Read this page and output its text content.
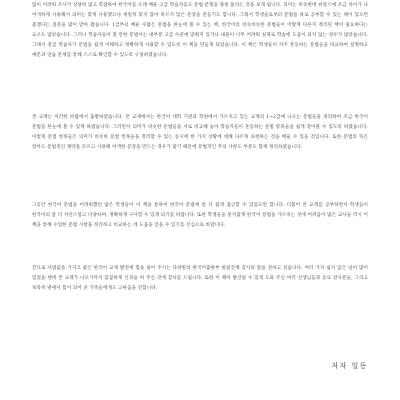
않이 어려워 조사가 상당히 많고 복잡하여 한국어를 오래 배운 고급 학습자들도 문법·문형을 종종 틀리는 것을 보게 됩니다. 의미는 비슷한데 뉘앙스에 조금 차이가 나 어색하게 사용해서 의미는 맞게 사용했으나 세밀히 맞지 않아 바르지 않은 문장을 만들기도 합니다. 그래서 학생들로부터 문법을 따로 공부할 수 있는 책이 있으면 좋겠다는 질문을 많이 받아 왔습니다. 1급부터 배운 수많은 문법을 한눈에 볼 수 있는 책, 한국어의 비슷비슷한 문법들이 어떻게 다른지 정리된 책이 필요하다는 요구도 많았습니다. 그러나 학습자들이 볼 만한 문법서는 대부분 고급 수준에 맞춰져 있거나 내용이 너무 어려워 실제로 학습에 도움이 되지 않는 경우가 많았습니다. 그래서 중급 학습자가 문법을 쉽게 이해하고 정확하게 사용할 수 있도록 이 책을 만들게 되었습니다. 이 책은 학생들이 자주 혼동하는 문법들을 비교하여 설명하고 예문과 연습 문제를 통해 스스로 확인할 수 있도록 구성하였습니다.

본 교재는 이러한 바람에서 출발하였습니다. 본 교재에서는 한국어 대학 기관과 학원에서 가르치고 있는 교재의 1~2급에 나오는 문법들을 정리하여 조금 한국어 문법을 한눈에 볼 수 있게 하였습니다. 그러면서 의미가 비슷한 문법들을 서로 비교해 놓아 학습자들이 혼동하는 문법 항목들을 쉽게 찾아볼 수 있도록 하였습니다. 이렇게 문법 항목들은 의미가 비슷한 문법 항목들을 정리할 수 있는 동시에 한 가지 상황에 대해 다르게 표현하는 것을 배울 수 있을 것입니다. 또한 문법의 뜻은 알아도 문법적인 제약을 모르고 사용해 어색한 문장을 만드는 경우가 많기 때문에 문법적인 주의 사항도 부분도 함께 정리하였습니다.

그동안 한국어 문법을 어려워했던 많은 학생들이 이 책을 통하여 한국어 문법에 좀 더 쉽게 접근할 수 있었으면 합니다. 더불어 본 교재를 공부하면서 학생들이 한국어의 좀 더 자연스럽고 다양하며, 정확하게 구사할 수 있게 되기를 바랍니다. 또한 학생들을 뭇지없게 한국어 문법을 가르치는 것에 어려움이 많은 교사들 역시 이 책을 통해 수업한 문법 사항을 정리하고 비교하는 데 도움을 얻을 수 있기를 진심으로 바랍니다.

끝으로 사범없을 가지고 좋은 한국어 교재 발전에 힘을 실어 주시는 다락원의 한국어출판부 편집진께 감사의 말을 전하고 싶습니다. 여러 가지 쉽지 않은 일이 많이 있었을 텐데 본 교재가 나오기까지 꼼꼼하게 신경을 써 주신 것에 감사를 드립니다. 또한 이 책이 발간될 수 있게 도와 주신 여러 선생님들과 동료 강사분들, 그리고 묵묵히 옆에서 힘이 되어 준 가족들에게도 고마움을 전합니다.

저자 일동
